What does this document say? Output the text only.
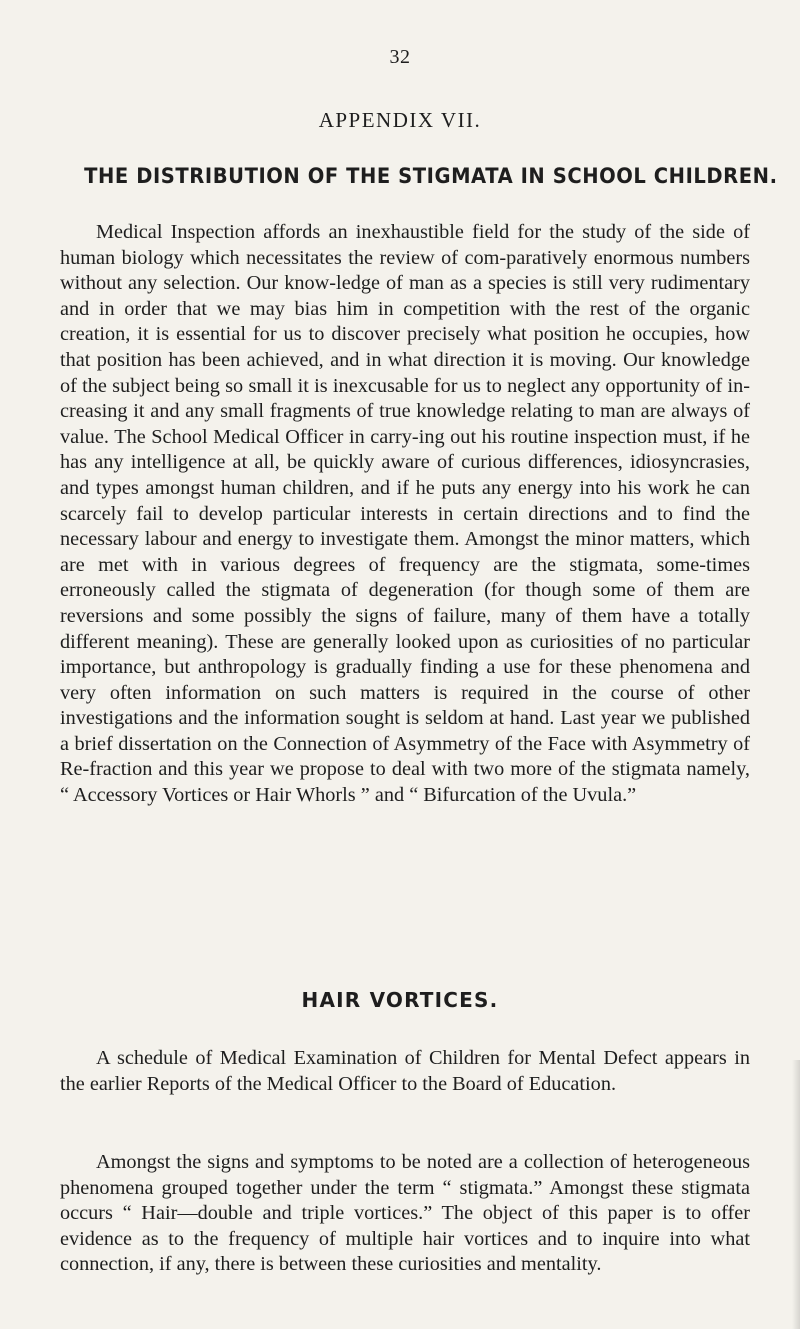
32
APPENDIX VII.
THE DISTRIBUTION OF THE STIGMATA IN SCHOOL CHILDREN.

Medical Inspection affords an inexhaustible field for the study of the side of human biology which necessitates the review of com-paratively enormous numbers without any selection. Our know-ledge of man as a species is still very rudimentary and in order that we may bias him in competition with the rest of the organic creation, it is essential for us to discover precisely what position he occupies, how that position has been achieved, and in what direction it is moving. Our knowledge of the subject being so small it is inexcusable for us to neglect any opportunity of in-creasing it and any small fragments of true knowledge relating to man are always of value. The School Medical Officer in carry-ing out his routine inspection must, if he has any intelligence at all, be quickly aware of curious differences, idiosyncrasies, and types amongst human children, and if he puts any energy into his work he can scarcely fail to develop particular interests in certain directions and to find the necessary labour and energy to investigate them. Amongst the minor matters, which are met with in various degrees of frequency are the stigmata, some-times erroneously called the stigmata of degeneration (for though some of them are reversions and some possibly the signs of failure, many of them have a totally different meaning). These are generally looked upon as curiosities of no particular importance, but anthropology is gradually finding a use for these phenomena and very often information on such matters is required in the course of other investigations and the information sought is seldom at hand. Last year we published a brief dissertation on the Connection of Asymmetry of the Face with Asymmetry of Re-fraction and this year we propose to deal with two more of the stigmata namely, “ Accessory Vortices or Hair Whorls ” and “ Bifurcation of the Uvula.”

HAIR VORTICES.

A schedule of Medical Examination of Children for Mental Defect appears in the earlier Reports of the Medical Officer to the Board of Education.

Amongst the signs and symptoms to be noted are a collection of heterogeneous phenomena grouped together under the term “ stigmata.” Amongst these stigmata occurs “ Hair—double and triple vortices.” The object of this paper is to offer evidence as to the frequency of multiple hair vortices and to inquire into what connection, if any, there is between these curiosities and mentality.
